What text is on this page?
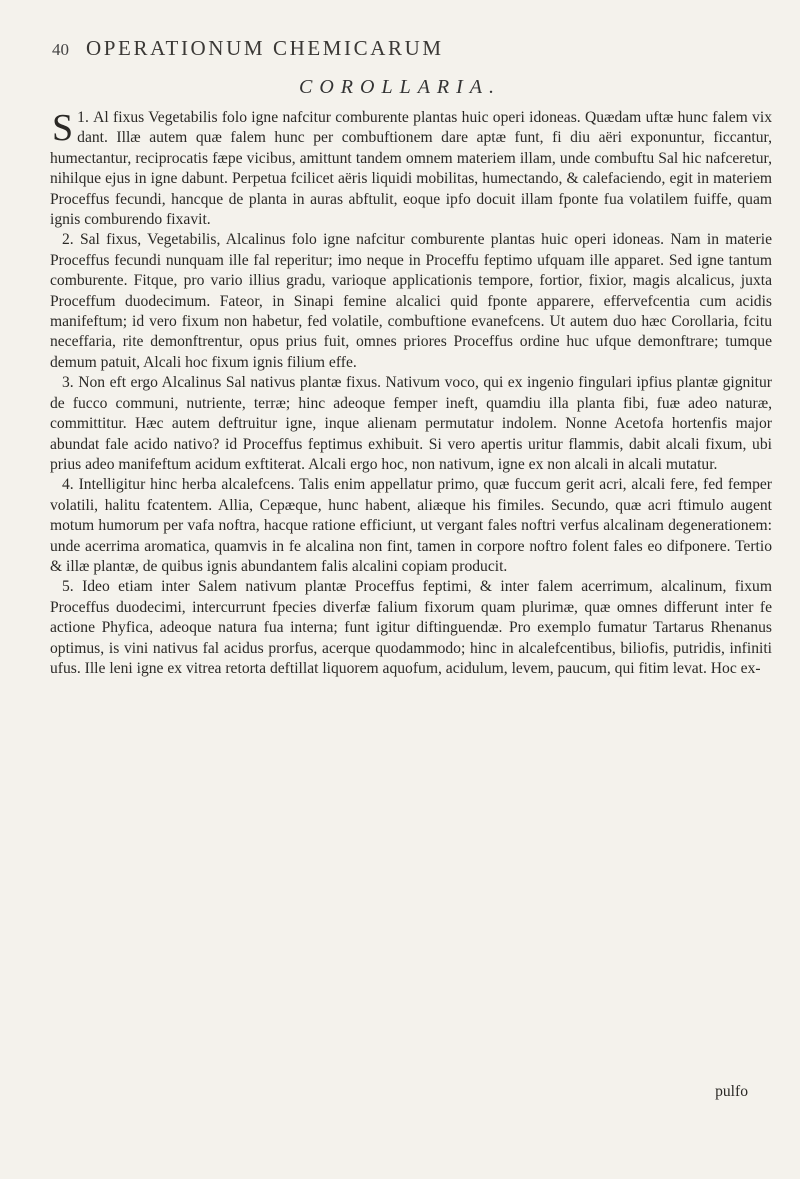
40 OPERATIONUM CHEMICARUM
COROLLARIA.

1.
S Al fixus Vegetabilis folo igne nafcitur comburente plantas huic operi idoneas. Quædam uftæ hunc falem vix dant. Illæ autem quæ falem hunc per combuftionem dare aptæ funt, fi diu aëri exponuntur, ficcantur, humectantur, reciprocatis fæpe vicibus, amittunt tandem omnem materiem illam, unde combuftu Sal hic nafceretur, nihilque ejus in igne dabunt. Perpetua fcilicet aëris liquidi mobilitas, humectando, & calefaciendo, egit in materiem Proceffus fecundi, hancque de planta in auras abftulit, eoque ipfo docuit illam fponte fua volatilem fuiffe, quam ignis comburendo fixavit.

2. Sal fixus, Vegetabilis, Alcalinus folo igne nafcitur comburente plantas huic operi idoneas. Nam in materie Proceffus fecundi nunquam ille fal reperitur; imo neque in Proceffu feptimo ufquam ille apparet. Sed igne tantum comburente. Fitque, pro vario illius gradu, varioque applicationis tempore, fortior, fixior, magis alcalicus, juxta Proceffum duodecimum. Fateor, in Sinapi femine alcalici quid fponte apparere, effervefcentia cum acidis manifeftum; id vero fixum non habetur, fed volatile, combuftione evanefcens. Ut autem duo hæc Corollaria, fcitu neceffaria, rite demonftrentur, opus prius fuit, omnes priores Proceffus ordine huc ufque demonftrare; tumque demum patuit, Alcali hoc fixum ignis filium effe.

3. Non eft ergo Alcalinus Sal nativus plantæ fixus. Nativum voco, qui ex ingenio fingulari ipfius plantæ gignitur de fucco communi, nutriente, terræ; hinc adeoque femper ineft, quamdiu illa planta fibi, fuæ adeo naturæ, committitur. Hæc autem deftruitur igne, inque alienam permutatur indolem. Nonne Acetofa hortenfis major abundat fale acido nativo? id Proceffus feptimus exhibuit. Si vero apertis uritur flammis, dabit alcali fixum, ubi prius adeo manifeftum acidum exftiterat. Alcali ergo hoc, non nativum, igne ex non alcali in alcali mutatur.

4. Intelligitur hinc herba alcalefcens. Talis enim appellatur primo, quæ fuccum gerit acri, alcali fere, fed femper volatili, halitu fcatentem. Allia, Cepæque, hunc habent, aliæque his fimiles. Secundo, quæ acri ftimulo augent motum humorum per vafa noftra, hacque ratione efficiunt, ut vergant fales noftri verfus alcalinam degenerationem: unde acerrima aromatica, quamvis in fe alcalina non fint, tamen in corpore noftro folent fales eo difponere. Tertio & illæ plantæ, de quibus ignis abundantem falis alcalini copiam producit.

5. Ideo etiam inter Salem nativum plantæ Proceffus feptimi, & inter falem acerrimum, alcalinum, fixum Proceffus duodecimi, intercurrunt fpecies diverfæ falium fixorum quam plurimæ, quæ omnes differunt inter fe actione Phyfica, adeoque natura fua interna; funt igitur diftinguendæ. Pro exemplo fumatur Tartarus Rhenanus optimus, is vini nativus fal acidus prorfus, acerque quodammodo; hinc in alcalefcentibus, biliofis, putridis, infiniti ufus. Ille leni igne ex vitrea retorta deftillat liquorem aquofum, acidulum, levem, paucum, qui fitim levat. Hoc ex-

pulfo
